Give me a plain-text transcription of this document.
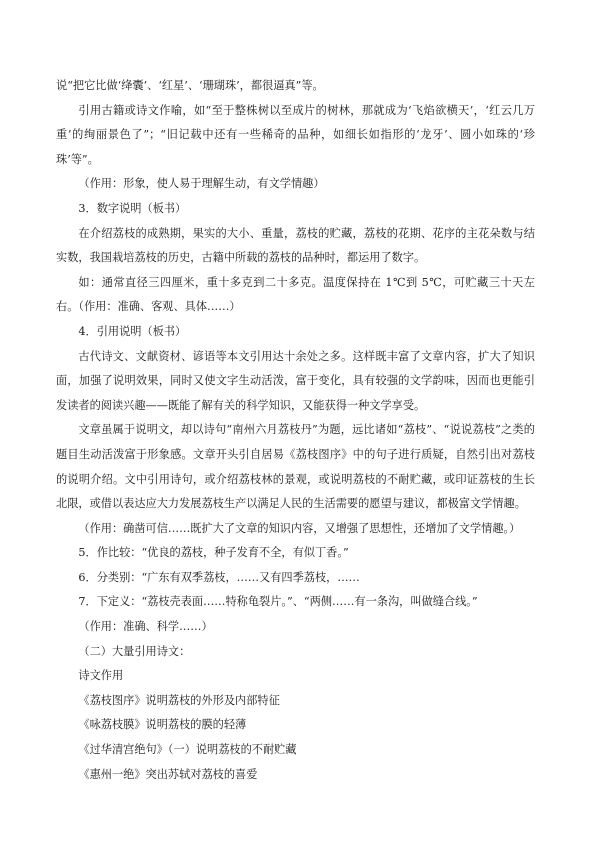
说“把它比做‘绛囊’、‘红星’、‘珊瑚珠’，都很逼真”等。

引用古籍或诗文作喻，如“至于整株树以至成片的树林，那就成为‘飞焰欲横天’，‘红云几万重’的绚丽景色了”；“旧记载中还有一些稀奇的品种，如细长如指形的‘龙牙’、圆小如珠的‘珍珠’等”。

（作用：形象，使人易于理解生动，有文学情趣）

3．数字说明（板书）

在介绍荔枝的成熟期，果实的大小、重量，荔枝的贮藏，荔枝的花期、花序的主花朵数与结实数，我国栽培荔枝的历史，古籍中所载的荔枝的品种时，都运用了数字。

如：通常直径三四厘米，重十多克到二十多克。温度保持在 1℃到 5℃，可贮藏三十天左右。（作用：准确、客观、具体……）

4．引用说明（板书）

古代诗文、文献资材、谚语等本文引用达十余处之多。这样既丰富了文章内容，扩大了知识面，加强了说明效果，同时又使文字生动活泼，富于变化，具有较强的文学韵味，因而也更能引发读者的阅读兴趣——既能了解有关的科学知识，又能获得一种文学享受。

文章虽属于说明文，却以诗句“南州六月荔枝丹”为题，远比诸如“荔枝”、“说说荔枝”之类的题目生动活泼富于形象感。文章开头引自居易《荔枝图序》中的句子进行质疑，自然引出对荔枝的说明介绍。文中引用诗句，或介绍荔枝林的景观，或说明荔枝的不耐贮藏，或印证荔枝的生长北限，或借以表达应大力发展荔枝生产以满足人民的生活需要的愿望与建议，都极富文学情趣。

（作用：确凿可信……既扩大了文章的知识内容，又增强了思想性，还增加了文学情趣。）

5．作比较：“优良的荔枝，种子发育不全，有似丁香。”

6．分类别：“广东有双季荔枝，……又有四季荔枝，……

7．下定义：“荔枝壳表面……特称龟裂片。”、“两侧……有一条沟，叫做缝合线。”

（作用：准确、科学……）

（二）大量引用诗文：

诗文作用

《荔枝图序》说明荔枝的外形及内部特征

《咏荔枝膜》说明荔枝的膜的轻薄

《过华清宫绝句》（一）说明荔枝的不耐贮藏

《惠州一绝》突出苏轼对荔枝的喜爱
